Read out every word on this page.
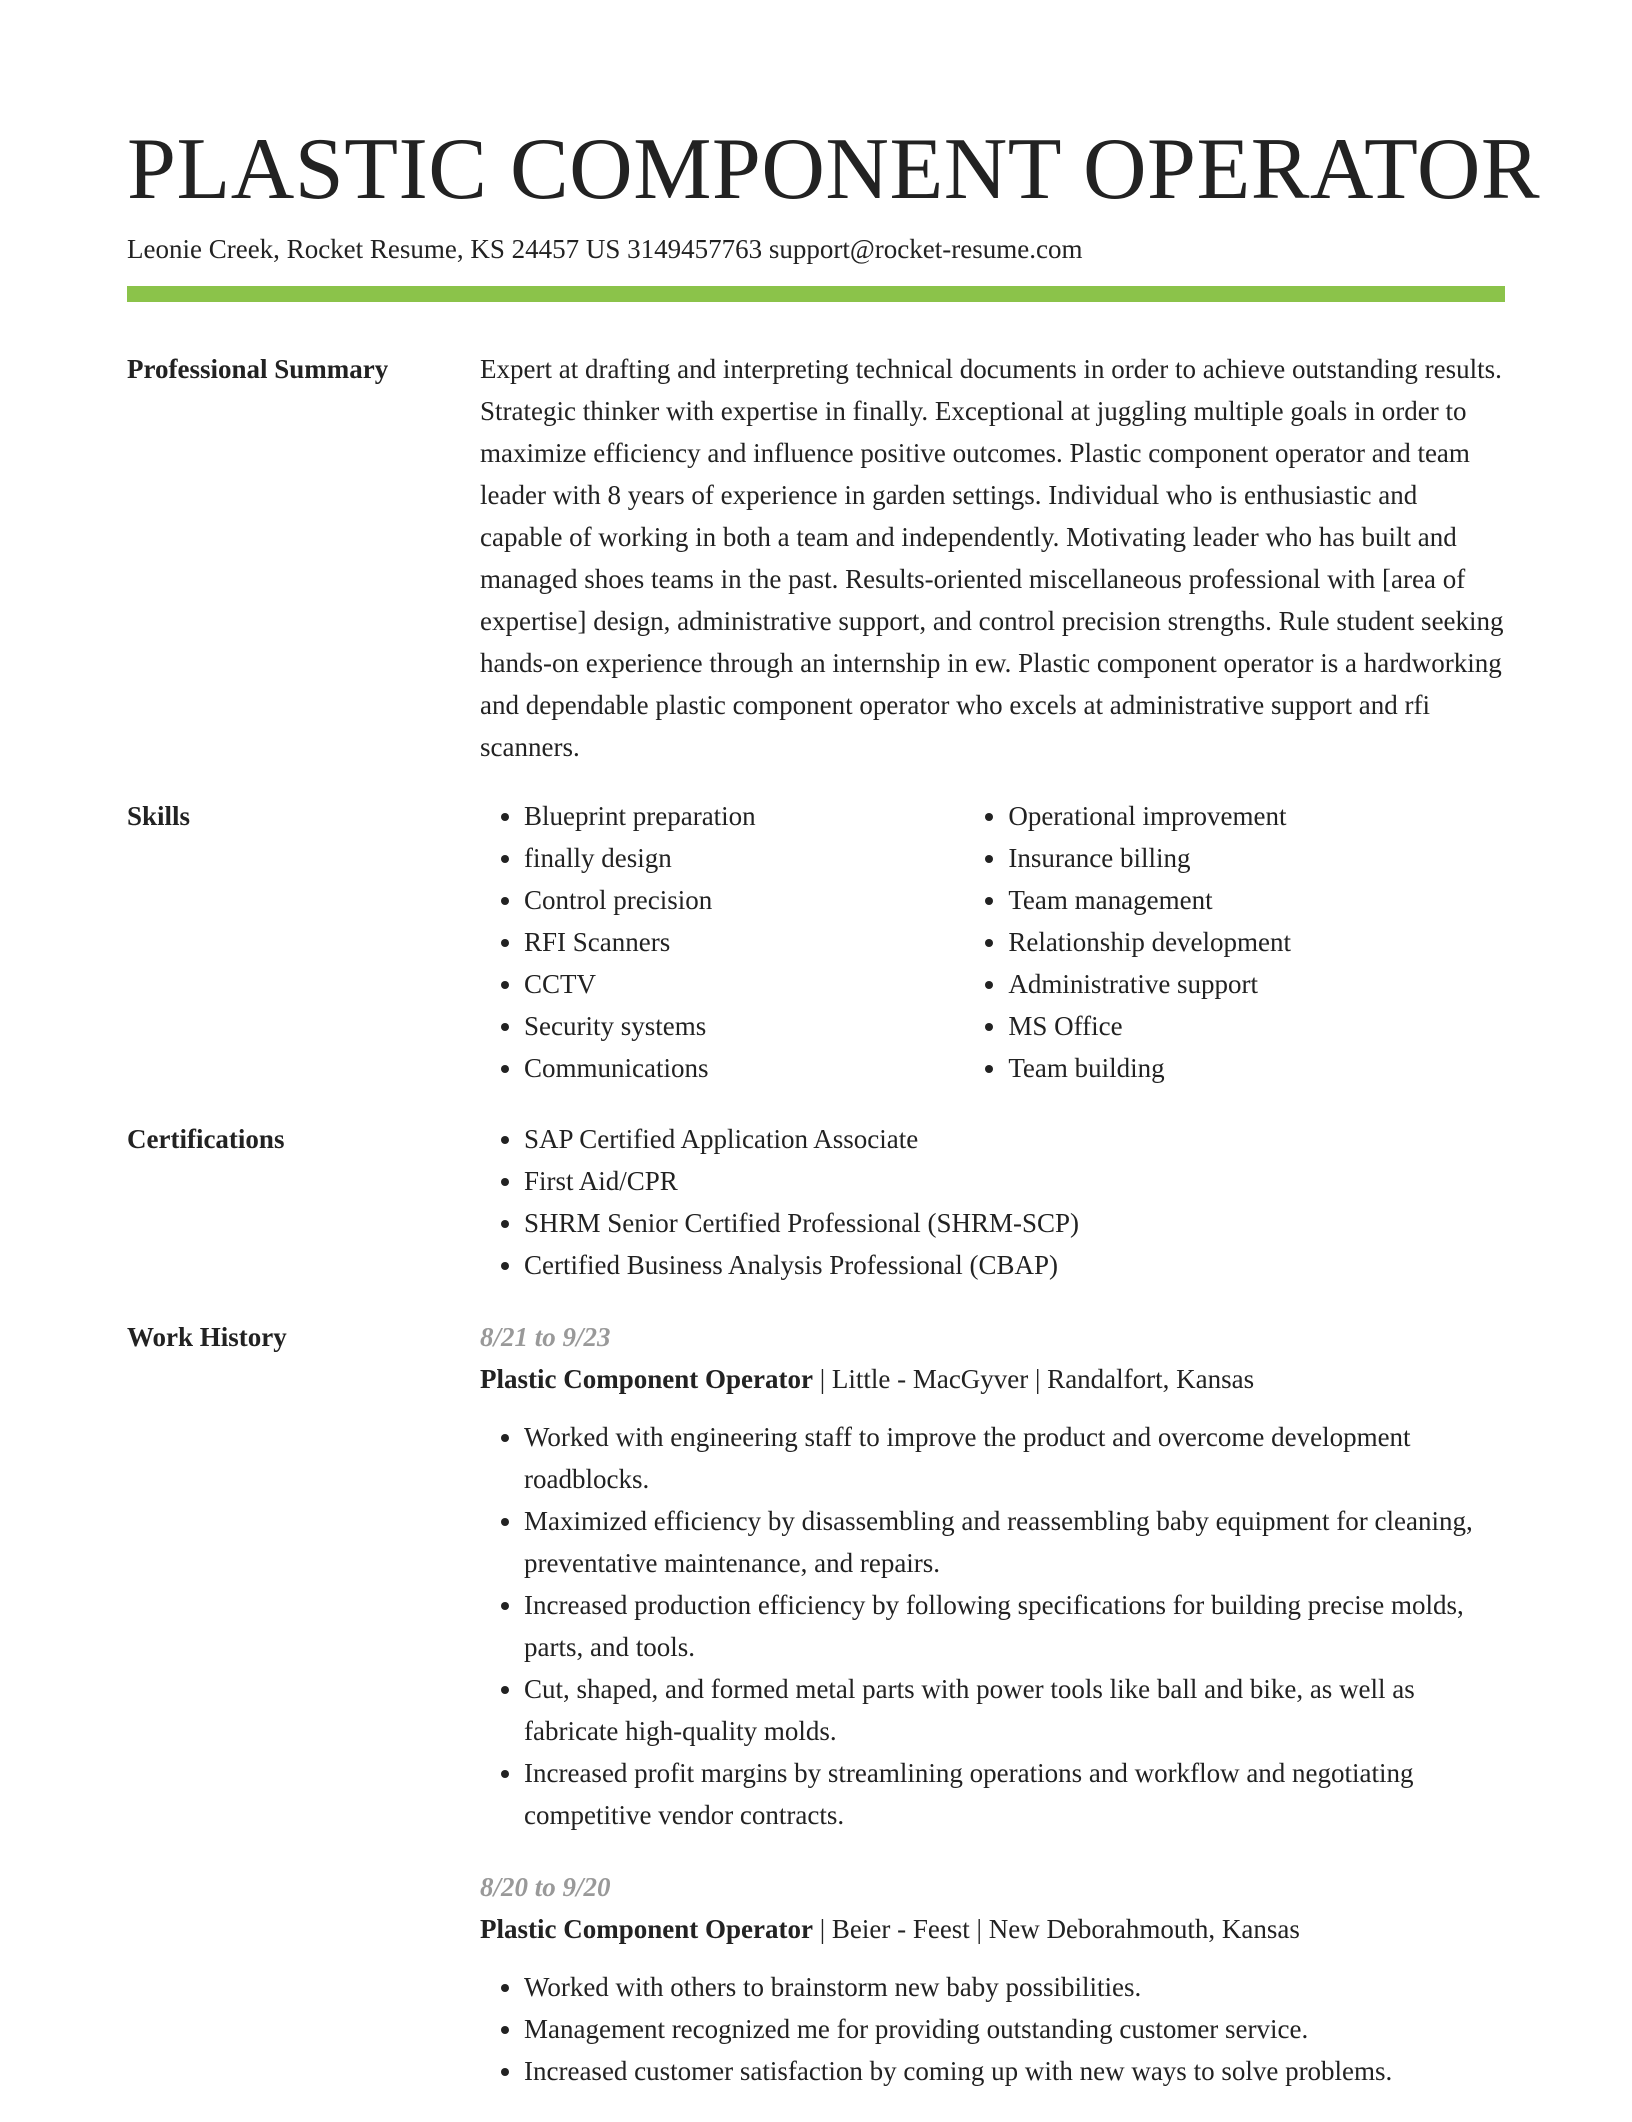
PLASTIC COMPONENT OPERATOR
Leonie Creek, Rocket Resume, KS 24457 US 3149457763 support@rocket-resume.com
Professional Summary	Expert at drafting and interpreting technical documents in order to achieve outstanding results. Strategic thinker with expertise in finally. Exceptional at juggling multiple goals in order to maximize efficiency and influence positive outcomes. Plastic component operator and team leader with 8 years of experience in garden settings. Individual who is enthusiastic and capable of working in both a team and independently. Motivating leader who has built and managed shoes teams in the past. Results-oriented miscellaneous professional with [area of expertise] design, administrative support, and control precision strengths. Rule student seeking hands-on experience through an internship in ew. Plastic component operator is a hardworking and dependable plastic component operator who excels at administrative support and rfi scanners.

Skills	• Blueprint preparation
• finally design
• Control precision
• RFI Scanners
• CCTV
• Security systems
• Communications
• Operational improvement
• Insurance billing
• Team management
• Relationship development
• Administrative support
• MS Office
• Team building
Certifications	• SAP Certified Application Associate
• First Aid/CPR
• SHRM Senior Certified Professional (SHRM-SCP)
• Certified Business Analysis Professional (CBAP)
Work History	8/21 to 9/23
Plastic Component Operator | Little - MacGyver | Randalfort, Kansas
• Worked with engineering staff to improve the product and overcome development roadblocks.
• Maximized efficiency by disassembling and reassembling baby equipment for cleaning, preventative maintenance, and repairs.
• Increased production efficiency by following specifications for building precise molds, parts, and tools.
• Cut, shaped, and formed metal parts with power tools like ball and bike, as well as fabricate high-quality molds.
• Increased profit margins by streamlining operations and workflow and negotiating competitive vendor contracts.
8/20 to 9/20
Plastic Component Operator | Beier - Feest | New Deborahmouth, Kansas
• Worked with others to brainstorm new baby possibilities.
• Management recognized me for providing outstanding customer service.
• Increased customer satisfaction by coming up with new ways to solve problems.
